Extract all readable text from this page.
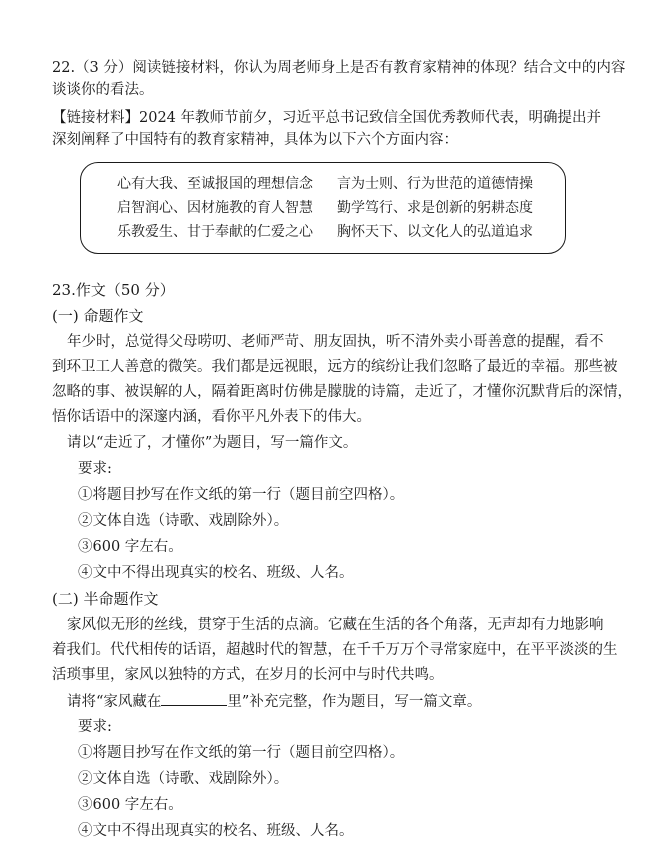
22.（3 分）阅读链接材料，你认为周老师身上是否有教育家精神的体现？结合文中的内容
谈谈你的看法。
【链接材料】2024 年教师节前夕，习近平总书记致信全国优秀教师代表，明确提出并
深刻阐释了中国特有的教育家精神，具体为以下六个方面内容：
心有大我、至诚报国的理想信念
启智润心、因材施教的育人智慧
乐教爱生、甘于奉献的仁爱之心
言为士则、行为世范的道德情操
勤学笃行、求是创新的躬耕态度
胸怀天下、以文化人的弘道追求
23.作文（50 分）
(一) 命题作文
年少时，总觉得父母唠叨、老师严苛、朋友固执，听不清外卖小哥善意的提醒，看不
到环卫工人善意的微笑。我们都是远视眼，远方的缤纷让我们忽略了最近的幸福。那些被
忽略的事、被误解的人，隔着距离时仿佛是朦胧的诗篇，走近了，才懂你沉默背后的深情，
悟你话语中的深邃内涵，看你平凡外表下的伟大。
请以“走近了，才懂你”为题目，写一篇作文。
要求:
①将题目抄写在作文纸的第一行（题目前空四格）。
②文体自选（诗歌、戏剧除外）。
③600 字左右。
④文中不得出现真实的校名、班级、人名。
(二) 半命题作文
家风似无形的丝线，贯穿于生活的点滴。它藏在生活的各个角落，无声却有力地影响
着我们。代代相传的话语，超越时代的智慧，在千千万万个寻常家庭中，在平平淡淡的生
活琐事里，家风以独特的方式，在岁月的长河中与时代共鸣。
请将“家风藏在	里”补充完整，作为题目，写一篇文章。
要求:
①将题目抄写在作文纸的第一行（题目前空四格）。
②文体自选（诗歌、戏剧除外）。
③600 字左右。
④文中不得出现真实的校名、班级、人名。
